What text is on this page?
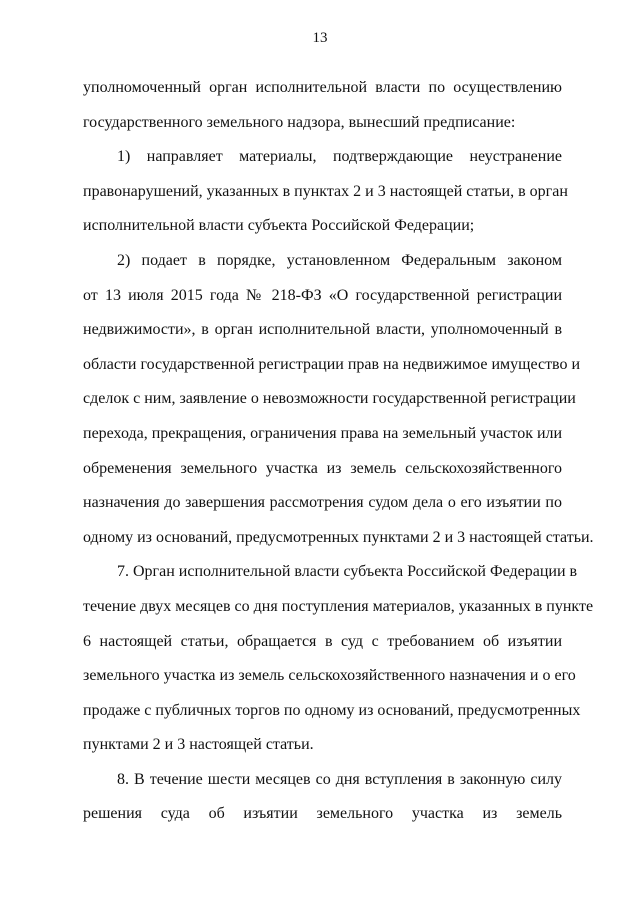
13
уполномоченный орган исполнительной власти по осуществлению
государственного земельного надзора, вынесший предписание:
1) направляет материалы, подтверждающие неустранение
правонарушений, указанных в пунктах 2 и 3 настоящей статьи, в орган
исполнительной власти субъекта Российской Федерации;
2) подает в порядке, установленном Федеральным законом
от 13 июля 2015 года № 218-ФЗ «О государственной регистрации
недвижимости», в орган исполнительной власти, уполномоченный в
области государственной регистрации прав на недвижимое имущество и
сделок с ним, заявление о невозможности государственной регистрации
перехода, прекращения, ограничения права на земельный участок или
обременения земельного участка из земель сельскохозяйственного
назначения до завершения рассмотрения судом дела о его изъятии по
одному из оснований, предусмотренных пунктами 2 и 3 настоящей статьи.
7. Орган исполнительной власти субъекта Российской Федерации в
течение двух месяцев со дня поступления материалов, указанных в пункте
6 настоящей статьи, обращается в суд с требованием об изъятии
земельного участка из земель сельскохозяйственного назначения и о его
продаже с публичных торгов по одному из оснований, предусмотренных
пунктами 2 и 3 настоящей статьи.
8. В течение шести месяцев со дня вступления в законную силу
решения суда об изъятии земельного участка из земель
